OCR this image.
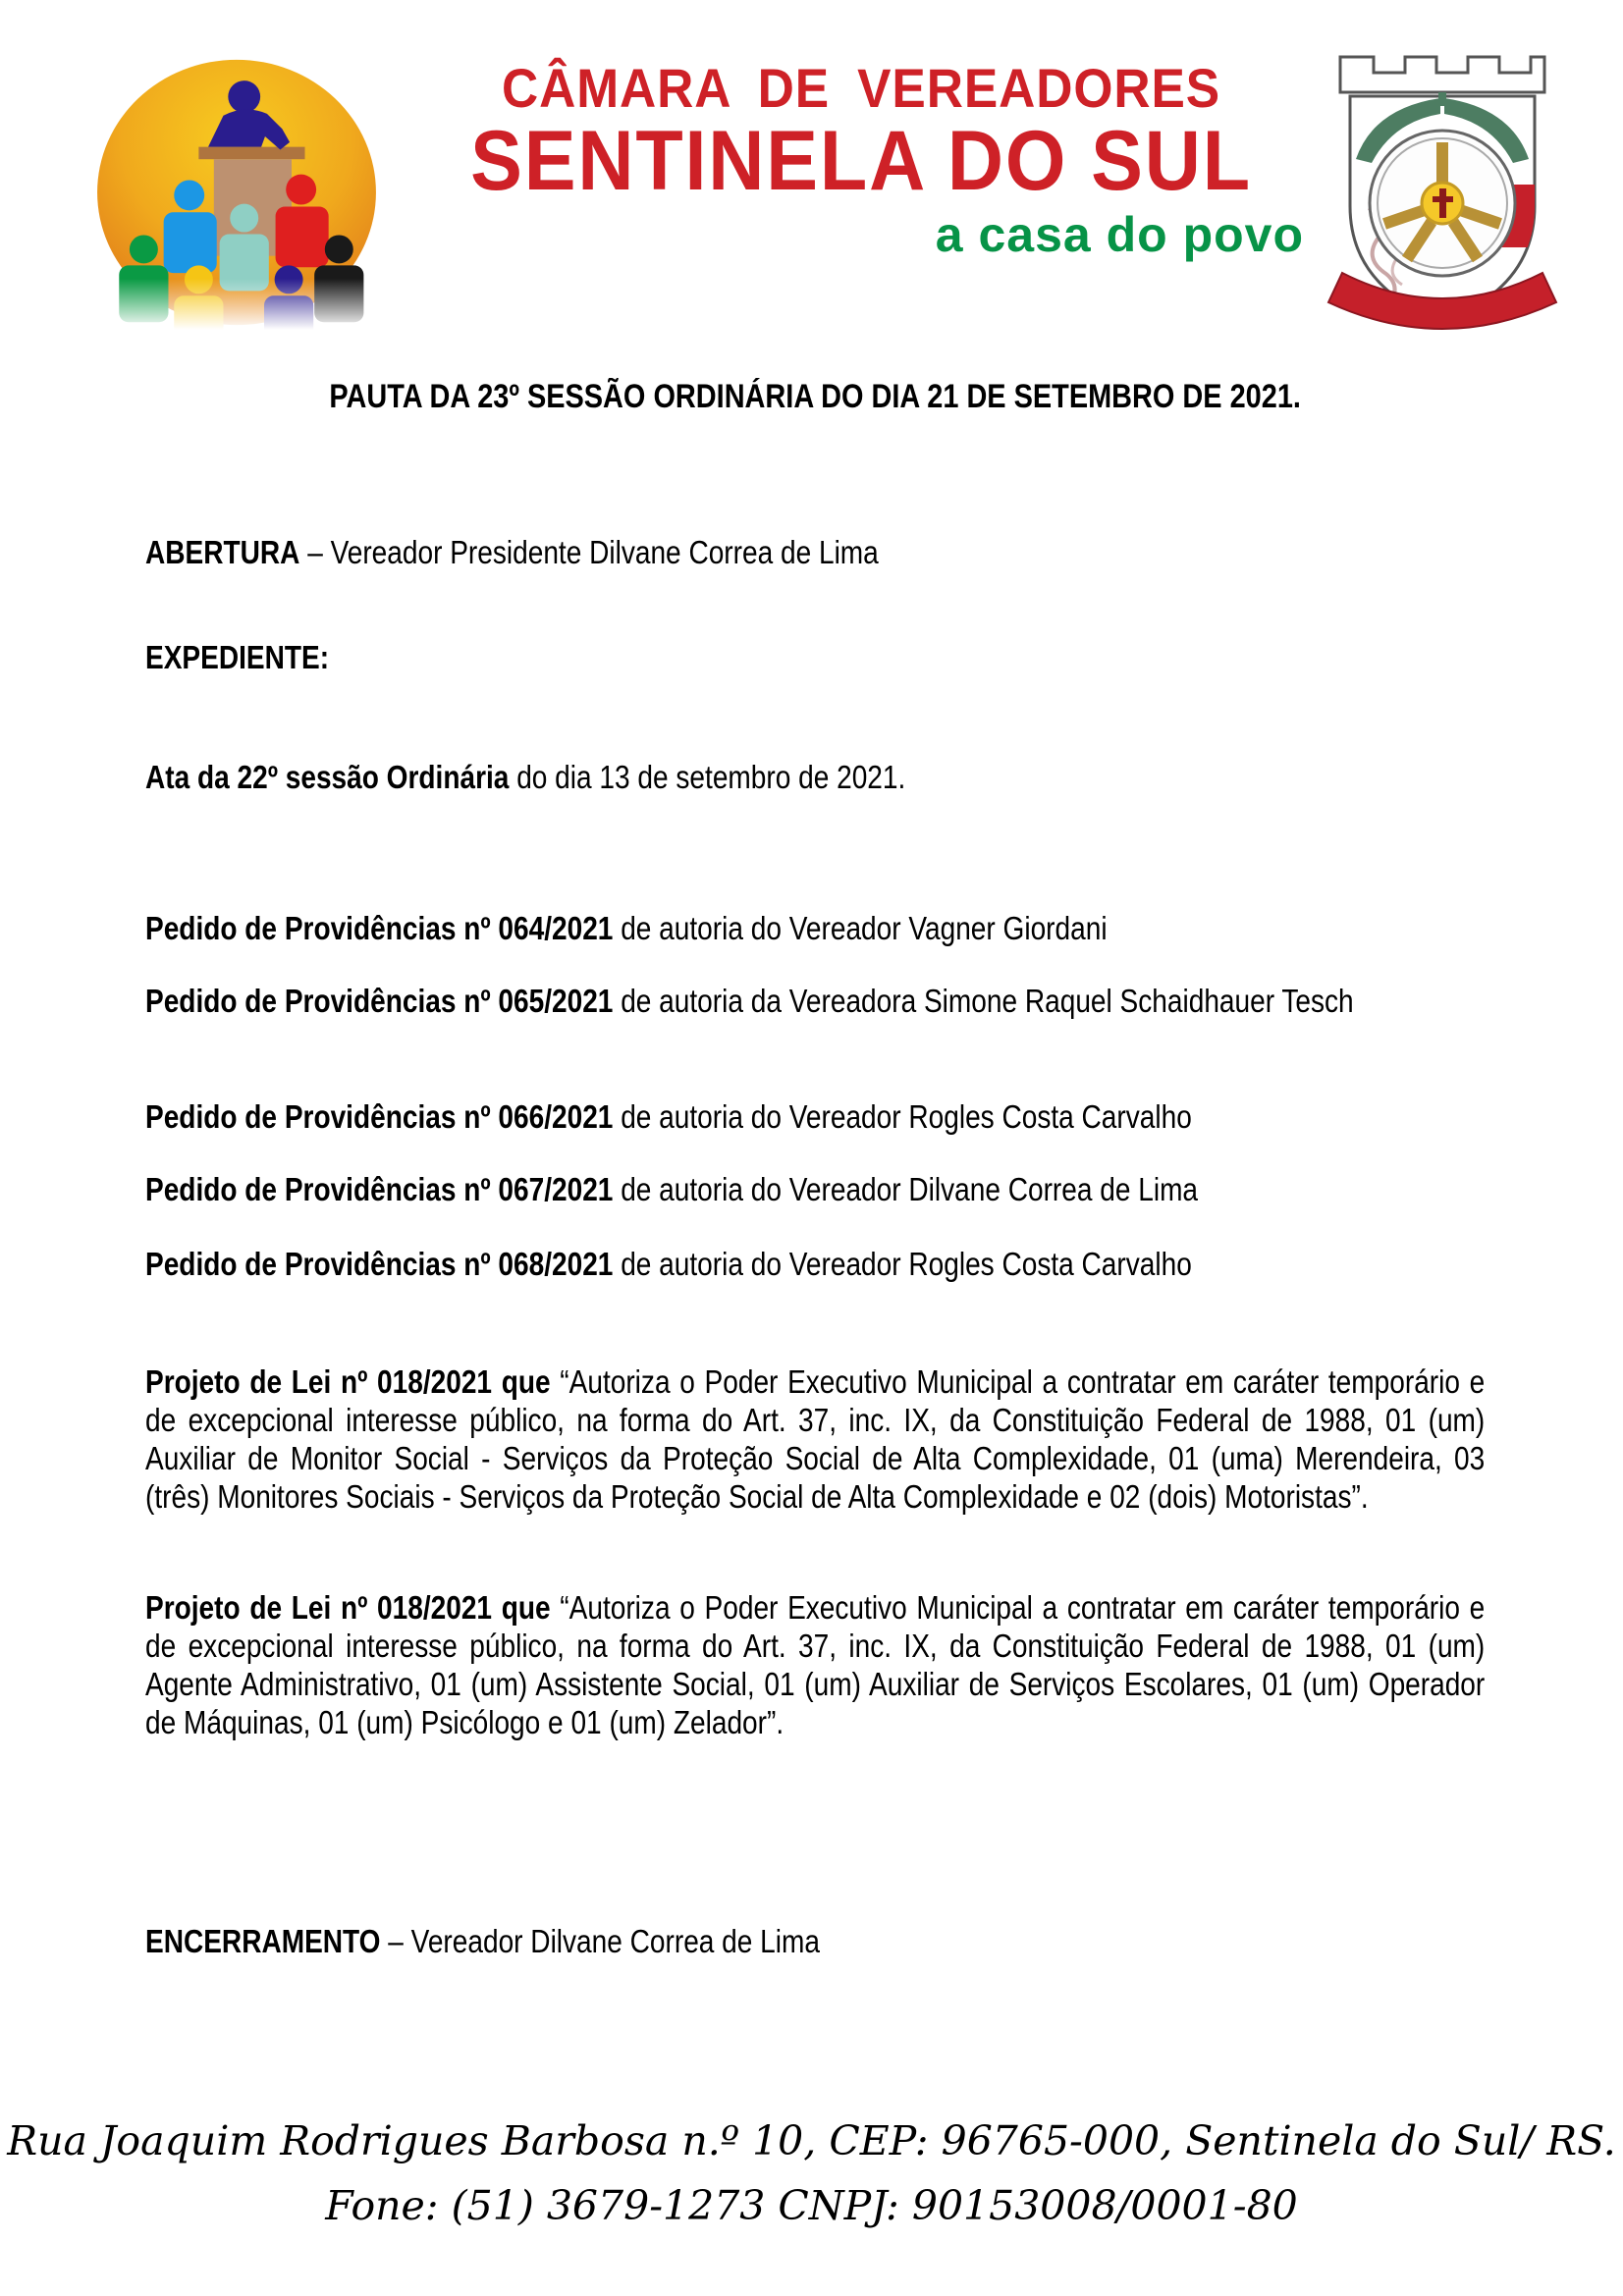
CÂMARA DE VEREADORES
SENTINELA DO SUL
a casa do povo
PAUTA DA 23º SESSÃO ORDINÁRIA DO DIA 21 DE SETEMBRO DE 2021.

ABERTURA – Vereador Presidente Dilvane Correa de Lima

EXPEDIENTE:

Ata da 22º sessão Ordinária do dia 13 de setembro de 2021.

Pedido de Providências nº 064/2021 de autoria do Vereador Vagner Giordani

Pedido de Providências nº 065/2021 de autoria da Vereadora Simone Raquel Schaidhauer Tesch

Pedido de Providências nº 066/2021 de autoria do Vereador Rogles Costa Carvalho

Pedido de Providências nº 067/2021 de autoria do Vereador Dilvane Correa de Lima

Pedido de Providências nº 068/2021 de autoria do Vereador Rogles Costa Carvalho

Projeto de Lei nº 018/2021 que “Autoriza o Poder Executivo Municipal a contratar em caráter temporário e de excepcional interesse público, na forma do Art. 37, inc. IX, da Constituição Federal de 1988, 01 (um) Auxiliar de Monitor Social - Serviços da Proteção Social de Alta Complexidade, 01 (uma) Merendeira, 03 (três) Monitores Sociais - Serviços da Proteção Social de Alta Complexidade e 02 (dois) Motoristas”.

Projeto de Lei nº 018/2021 que “Autoriza o Poder Executivo Municipal a contratar em caráter temporário e de excepcional interesse público, na forma do Art. 37, inc. IX, da Constituição Federal de 1988, 01 (um) Agente Administrativo, 01 (um) Assistente Social, 01 (um) Auxiliar de Serviços Escolares, 01 (um) Operador de Máquinas, 01 (um) Psicólogo e 01 (um) Zelador”.

ENCERRAMENTO – Vereador Dilvane Correa de Lima

Rua Joaquim Rodrigues Barbosa n.º 10, CEP: 96765-000, Sentinela do Sul/ RS.
Fone: (51) 3679-1273 CNPJ: 90153008/0001-80
